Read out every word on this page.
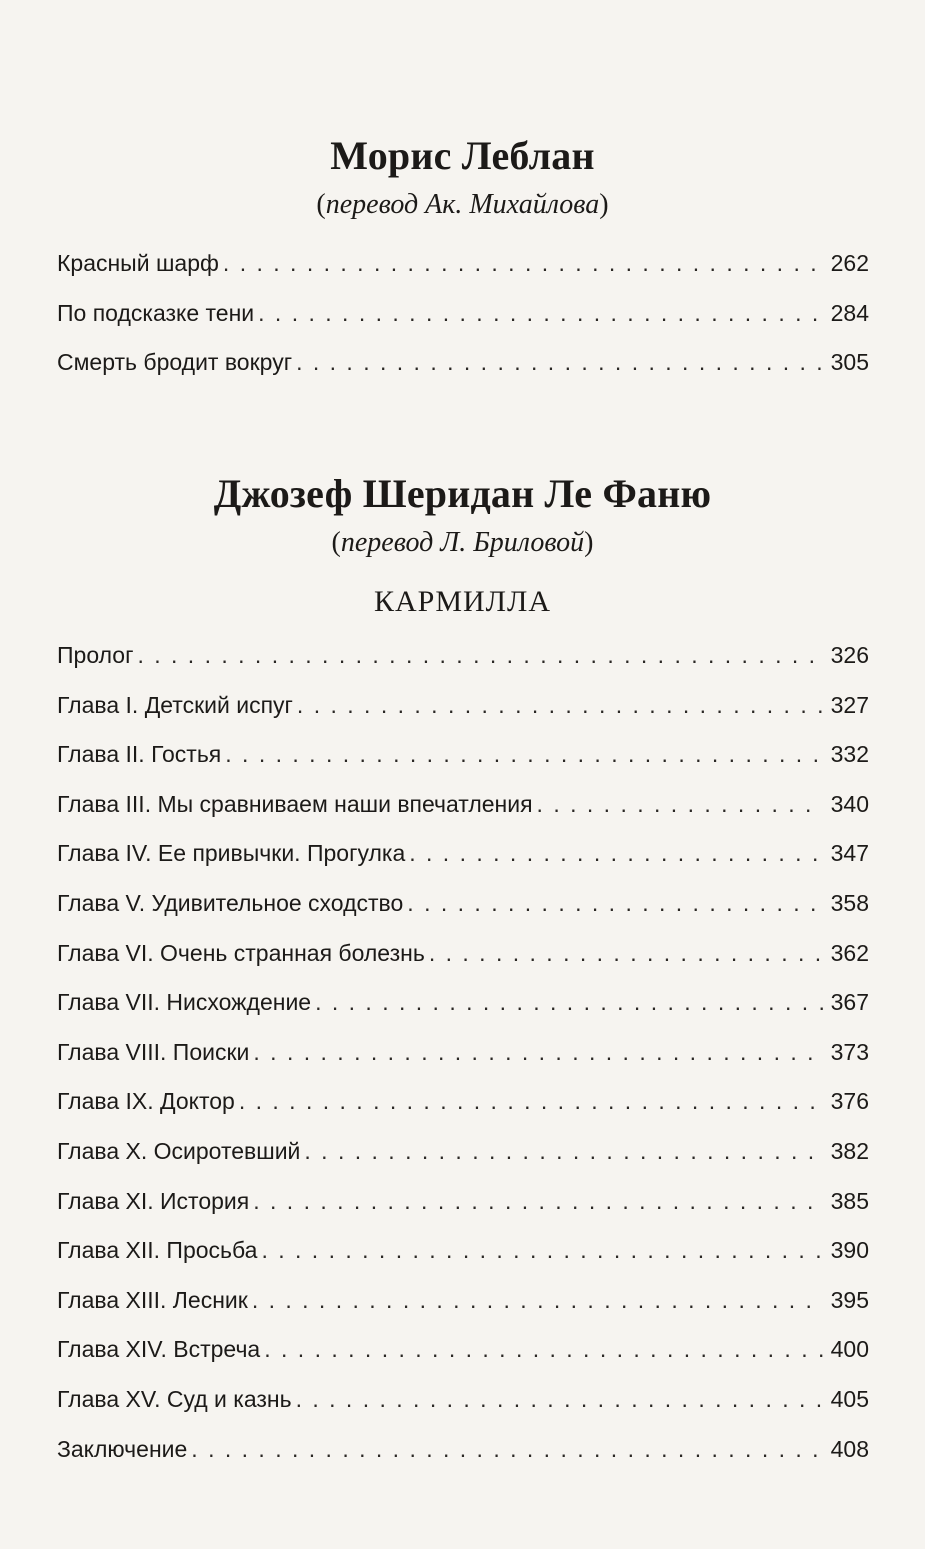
Морис Леблан
(перевод Ак. Михайлова)
Красный шарф . . .	262
По подсказке тени . . .	284
Смерть бродит вокруг . . .	305
Джозеф Шеридан Ле Фаню
(перевод Л. Бриловой)
КАРМИЛЛА
Пролог . . .	326
Глава I. Детский испуг . . .	327
Глава II. Гостья . . .	332
Глава III. Мы сравниваем наши впечатления . . .	340
Глава IV. Ее привычки. Прогулка . . .	347
Глава V. Удивительное сходство . . .	358
Глава VI. Очень странная болезнь . . .	362
Глава VII. Нисхождение . . .	367
Глава VIII. Поиски . . .	373
Глава IX. Доктор . . .	376
Глава X. Осиротевший . . .	382
Глава XI. История . . .	385
Глава XII. Просьба . . .	390
Глава XIII. Лесник . . .	395
Глава XIV. Встреча . . .	400
Глава XV. Суд и казнь . . .	405
Заключение . . .	408
